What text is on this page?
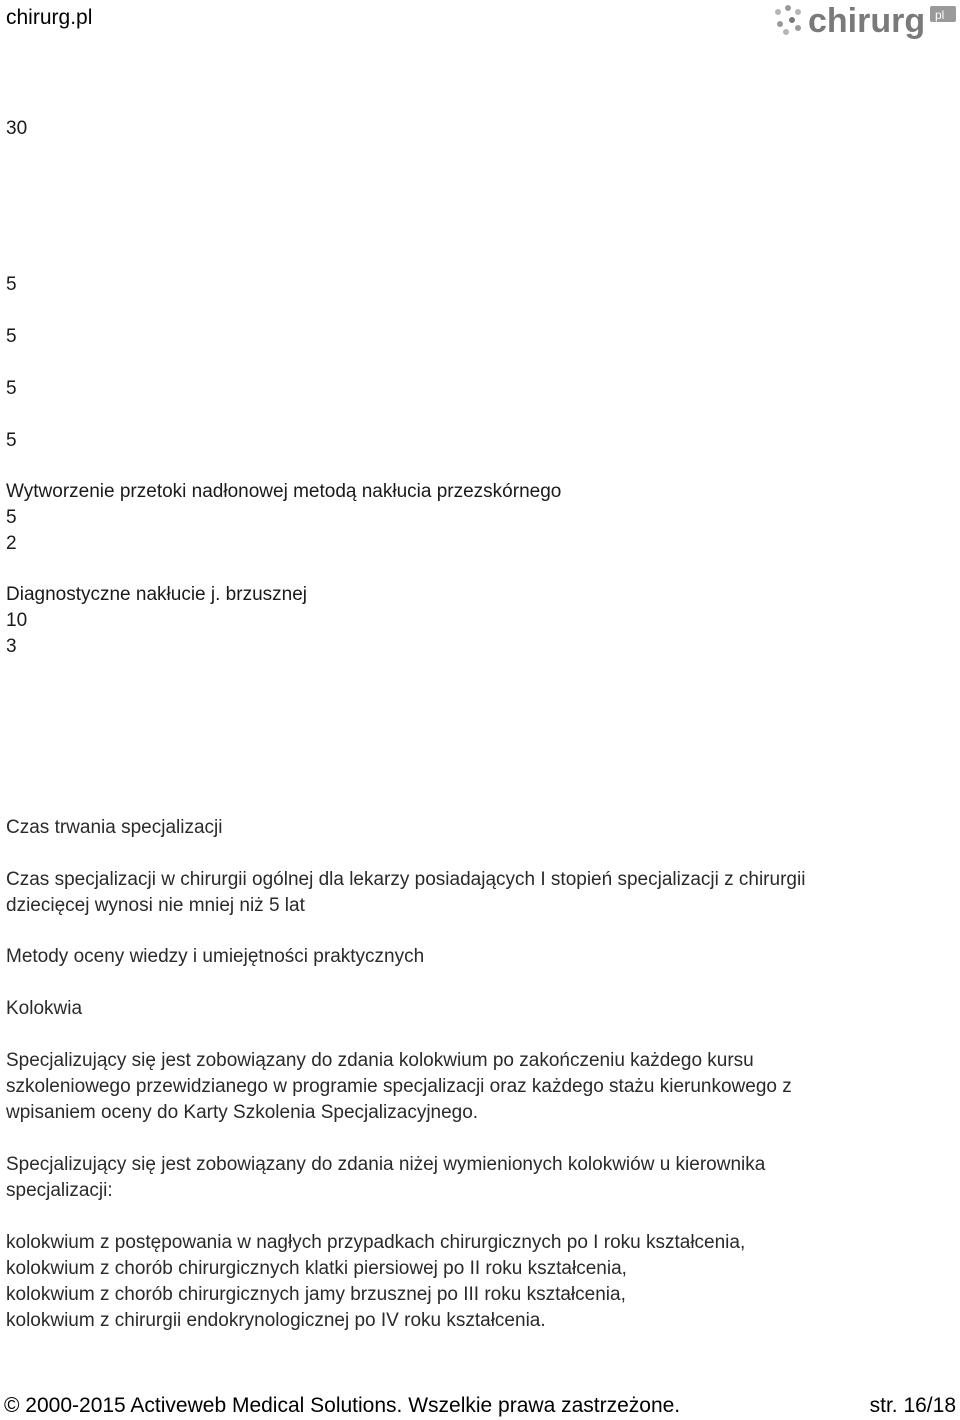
chirurg.pl	chirurg pl
30
5
5
5
5
Wytworzenie przetoki nadłonowej metodą nakłucia przezskórnego
5
2
Diagnostyczne nakłucie j. brzusznej
10
3
Czas trwania specjalizacji
Czas specjalizacji w chirurgii ogólnej dla lekarzy posiadających I stopień specjalizacji z chirurgii
dziecięcej wynosi nie mniej niż 5 lat
Metody oceny wiedzy i umiejętności praktycznych
Kolokwia
Specjalizujący się jest zobowiązany do zdania kolokwium po zakończeniu każdego kursu
szkoleniowego przewidzianego w programie specjalizacji oraz każdego stażu kierunkowego z
wpisaniem oceny do Karty Szkolenia Specjalizacyjnego.
Specjalizujący się jest zobowiązany do zdania niżej wymienionych kolokwiów u kierownika
specjalizacji:
kolokwium z postępowania w nagłych przypadkach chirurgicznych po I roku kształcenia,
kolokwium z chorób chirurgicznych klatki piersiowej po II roku kształcenia,
kolokwium z chorób chirurgicznych jamy brzusznej po III roku kształcenia,
kolokwium z chirurgii endokrynologicznej po IV roku kształcenia.
© 2000-2015 Activeweb Medical Solutions. Wszelkie prawa zastrzeżone.	str. 16/18
